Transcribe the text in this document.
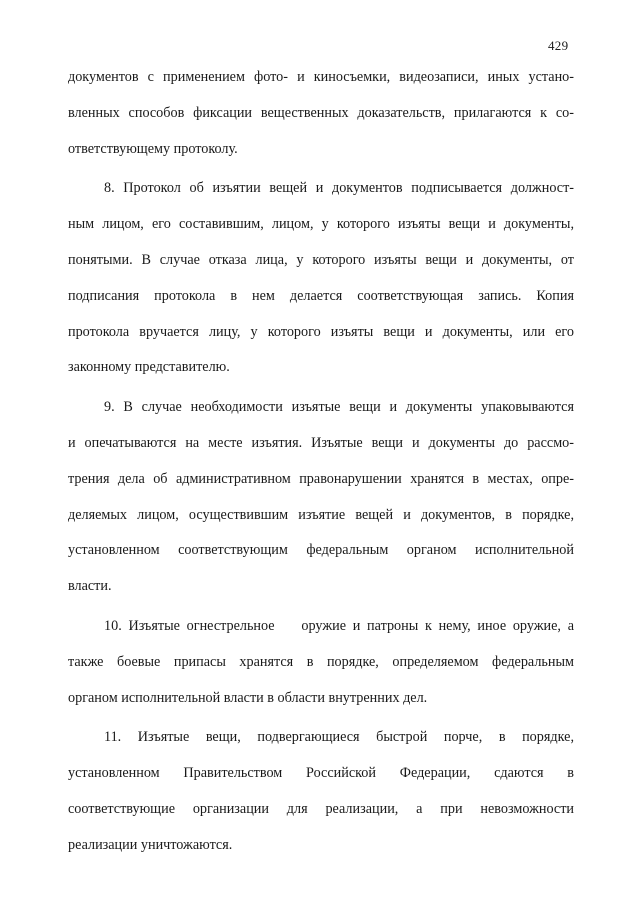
429
документов с применением фото- и киносъемки, видеозаписи, иных устано-
вленных способов фиксации вещественных доказательств, прилагаются к со-
ответствующему протоколу.
8. Протокол об изъятии вещей и документов подписывается должност-
ным лицом, его составившим, лицом, у которого изъяты вещи и документы,
понятыми. В случае отказа лица, у которого изъяты вещи и документы, от
подписания протокола в нем делается соответствующая запись. Копия
протокола вручается лицу, у которого изъяты вещи и документы, или его
законному представителю.
9. В случае необходимости изъятые вещи и документы упаковываются
и опечатываются на месте изъятия. Изъятые вещи и документы до рассмо-
трения дела об административном правонарушении хранятся в местах, опре-
деляемых лицом, осуществившим изъятие вещей и документов, в порядке,
установленном соответствующим федеральным органом исполнительной
власти.
10. Изъятые огнестрельное    оружие и патроны к нему, иное оружие, а
также боевые припасы хранятся в порядке, определяемом федеральным
органом исполнительной власти в области внутренних дел.
11. Изъятые вещи, подвергающиеся быстрой порче, в порядке,
установленном Правительством Российской Федерации, сдаются в
соответствующие организации для реализации, а при невозможности
реализации уничтожаются.
